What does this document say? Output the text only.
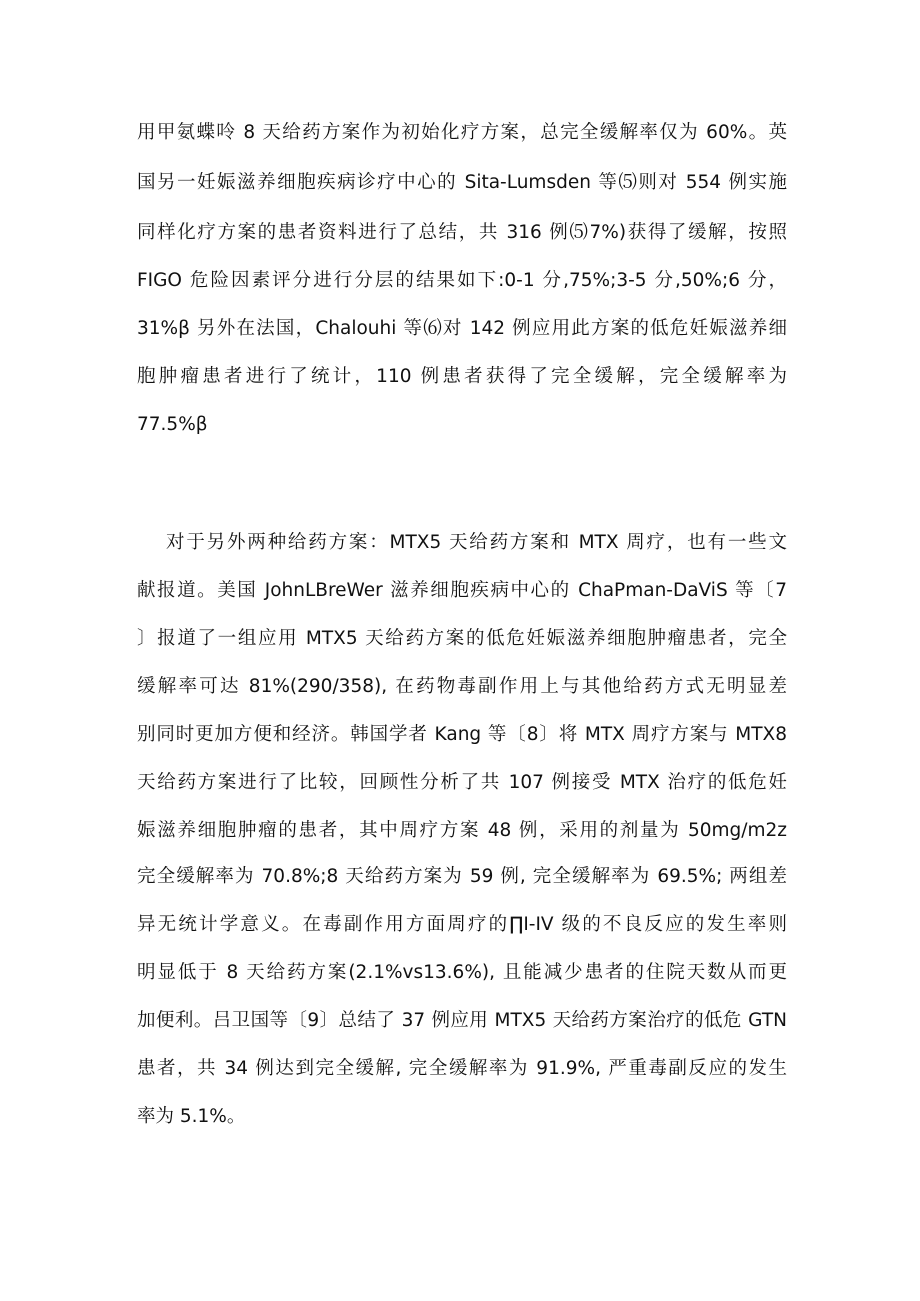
用甲氨蝶呤 8 天给药方案作为初始化疗方案，总完全缓解率仅为 60%。英
国另一妊娠滋养细胞疾病诊疗中心的 Sita-Lumsden 等⑸则对 554 例实施
同样化疗方案的患者资料进行了总结，共 316 例⑸7%)获得了缓解，按照
FIGO 危险因素评分进行分层的结果如下:0-1 分,75%;3-5 分,50%;6 分，
31%β 另外在法国，Chalouhi 等⑹对 142 例应用此方案的低危妊娠滋养细
胞肿瘤患者进行了统计，110 例患者获得了完全缓解，完全缓解率为
77.5%β
对于另外两种给药方案：MTX5 天给药方案和 MTX 周疗，也有一些文
献报道。美国 JohnLBreWer 滋养细胞疾病中心的 ChaPman-DaViS 等〔7
〕报道了一组应用 MTX5 天给药方案的低危妊娠滋养细胞肿瘤患者，完全
缓解率可达 81%(290/358), 在药物毒副作用上与其他给药方式无明显差
别同时更加方便和经济。韩国学者 Kang 等〔8〕将 MTX 周疗方案与 MTX8
天给药方案进行了比较，回顾性分析了共 107 例接受 MTX 治疗的低危妊
娠滋养细胞肿瘤的患者，其中周疗方案 48 例，采用的剂量为 50mg∕m2z
完全缓解率为 70.8%;8 天给药方案为 59 例, 完全缓解率为 69.5%; 两组差
异无统计学意义。在毒副作用方面周疗的∏I-IV 级的不良反应的发生率则
明显低于 8 天给药方案(2.1%vs13.6%), 且能减少患者的住院天数从而更
加便利。吕卫国等〔9〕总结了 37 例应用 MTX5 天给药方案治疗的低危 GTN
患者，共 34 例达到完全缓解, 完全缓解率为 91.9%, 严重毒副反应的发生
率为 5.1%。
